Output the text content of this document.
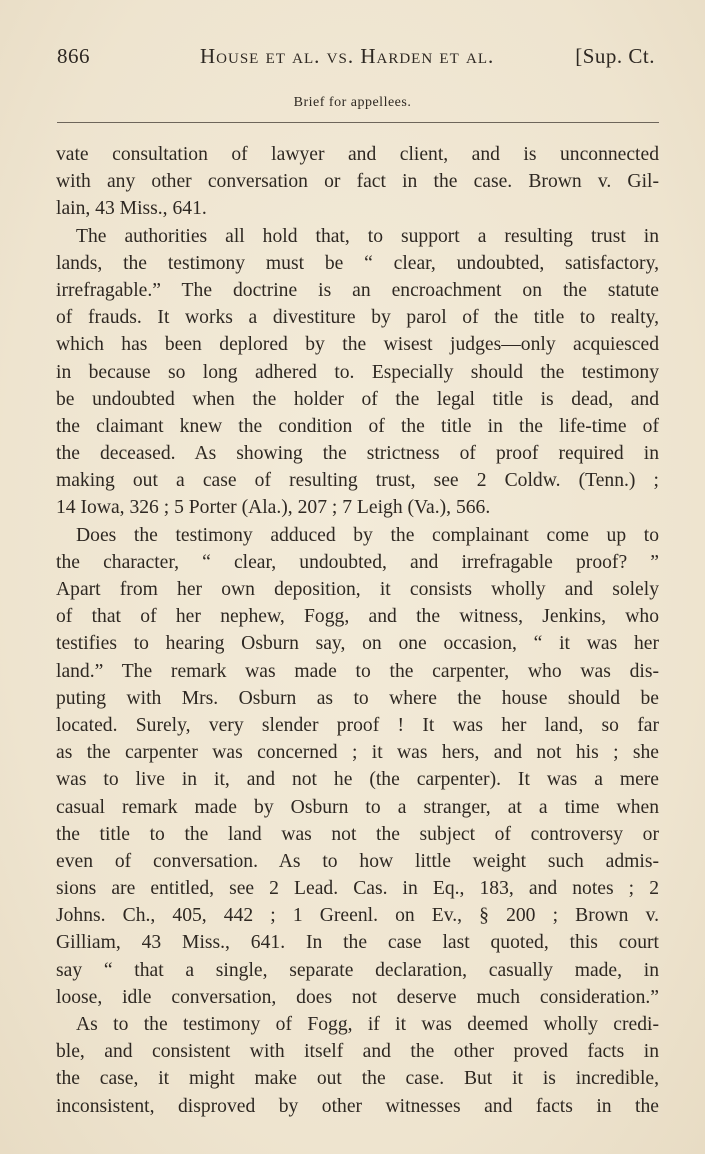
866	House et al. vs. Harden et al.	[Sup. Ct.
Brief for appellees.
vate consultation of lawyer and client, and is unconnected
with any other conversation or fact in the case. Brown v. Gil-
lain, 43 Miss., 641.
The authorities all hold that, to support a resulting trust in
lands, the testimony must be “ clear, undoubted, satisfactory,
irrefragable.” The doctrine is an encroachment on the statute
of frauds. It works a divestiture by parol of the title to realty,
which has been deplored by the wisest judges—only acquiesced
in because so long adhered to. Especially should the testimony
be undoubted when the holder of the legal title is dead, and
the claimant knew the condition of the title in the life-time of
the deceased. As showing the strictness of proof required in
making out a case of resulting trust, see 2 Coldw. (Tenn.) ;
14 Iowa, 326 ; 5 Porter (Ala.), 207 ; 7 Leigh (Va.), 566.
Does the testimony adduced by the complainant come up to
the character, “ clear, undoubted, and irrefragable proof? ”
Apart from her own deposition, it consists wholly and solely
of that of her nephew, Fogg, and the witness, Jenkins, who
testifies to hearing Osburn say, on one occasion, “ it was her
land.” The remark was made to the carpenter, who was dis-
puting with Mrs. Osburn as to where the house should be
located. Surely, very slender proof ! It was her land, so far
as the carpenter was concerned ; it was hers, and not his ; she
was to live in it, and not he (the carpenter). It was a mere
casual remark made by Osburn to a stranger, at a time when
the title to the land was not the subject of controversy or
even of conversation. As to how little weight such admis-
sions are entitled, see 2 Lead. Cas. in Eq., 183, and notes ; 2
Johns. Ch., 405, 442 ; 1 Greenl. on Ev., § 200 ; Brown v.
Gilliam, 43 Miss., 641. In the case last quoted, this court
say “ that a single, separate declaration, casually made, in
loose, idle conversation, does not deserve much consideration.”
As to the testimony of Fogg, if it was deemed wholly credi-
ble, and consistent with itself and the other proved facts in
the case, it might make out the case. But it is incredible,
inconsistent, disproved by other witnesses and facts in the
